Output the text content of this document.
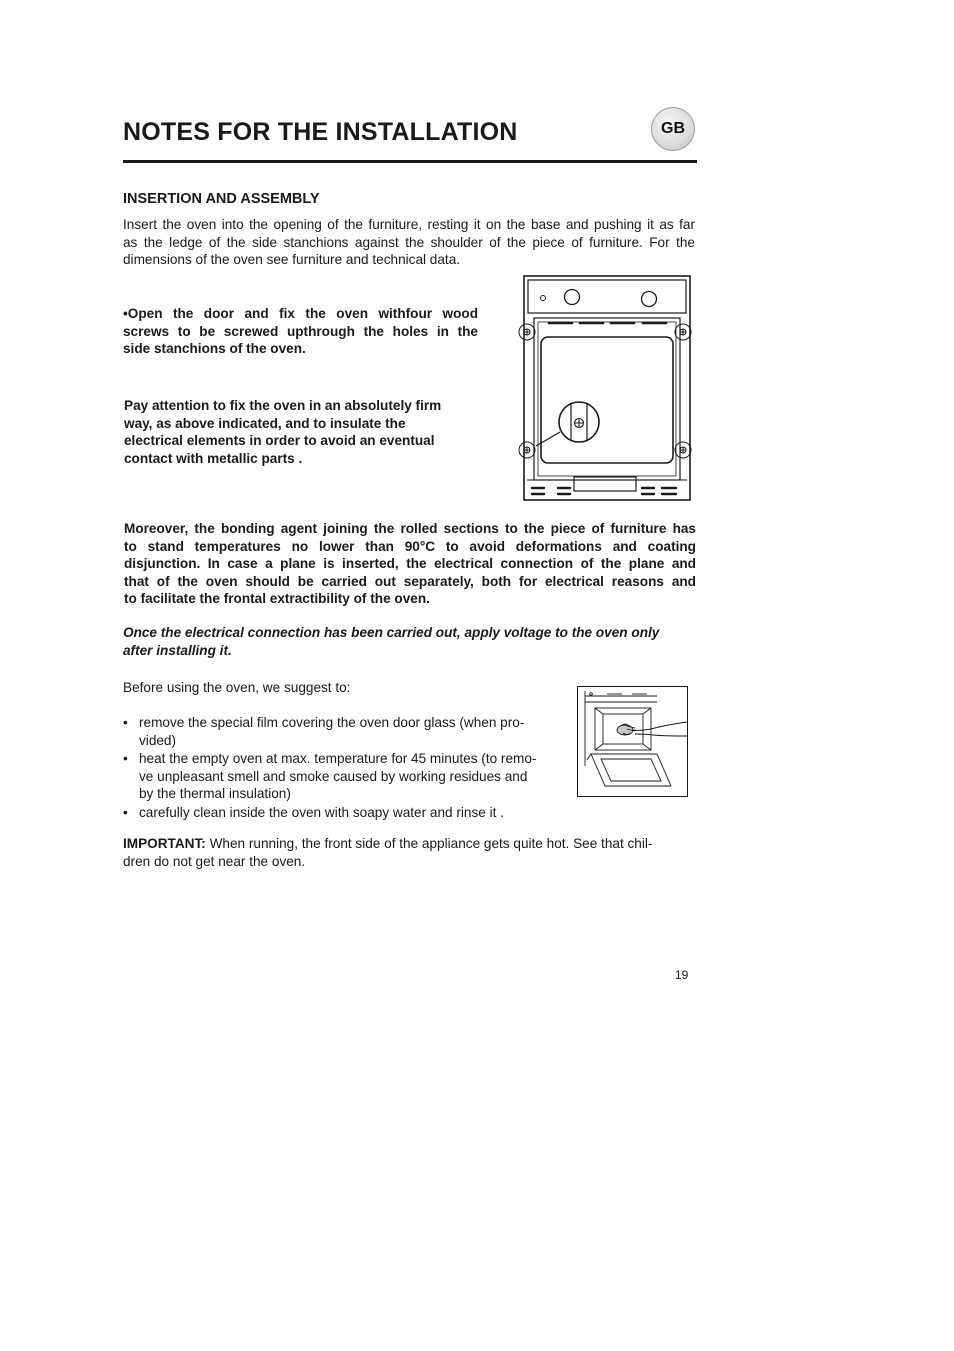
NOTES FOR THE INSTALLATION	GB
INSERTION AND ASSEMBLY
Insert the oven into the opening of the furniture, resting it on the base and pushing it as far
as the ledge of the side stanchions against the shoulder of the piece of furniture. For the
dimensions of the oven see furniture and technical data.
•Open the door and fix the oven withfour wood
screws to be screwed upthrough the holes in the
side stanchions of the oven.
Pay attention to fix the oven in an absolutely firm
way, as above indicated, and to insulate the
electrical elements in order to avoid an eventual
contact with metallic parts .
Moreover, the bonding agent joining the rolled sections to the piece of furniture has
to stand temperatures no lower than 90°C to avoid deformations and coating
disjunction. In case a plane is inserted, the electrical connection of the plane and
that of the oven should be carried out separately, both for electrical reasons and
to facilitate the frontal extractibility of the oven.
Once the electrical connection has been carried out, apply voltage to the oven only
after installing it.
Before using the oven, we suggest to:
• remove the special film covering the oven door glass (when pro-
vided)
• heat the empty oven at max. temperature for 45 minutes (to remo-
ve unpleasant smell and smoke caused by working residues and
by the thermal insulation)
• carefully clean inside the oven with soapy water and rinse it .
IMPORTANT: When running, the front side of the appliance gets quite hot. See that chil-
dren do not get near the oven.
19
